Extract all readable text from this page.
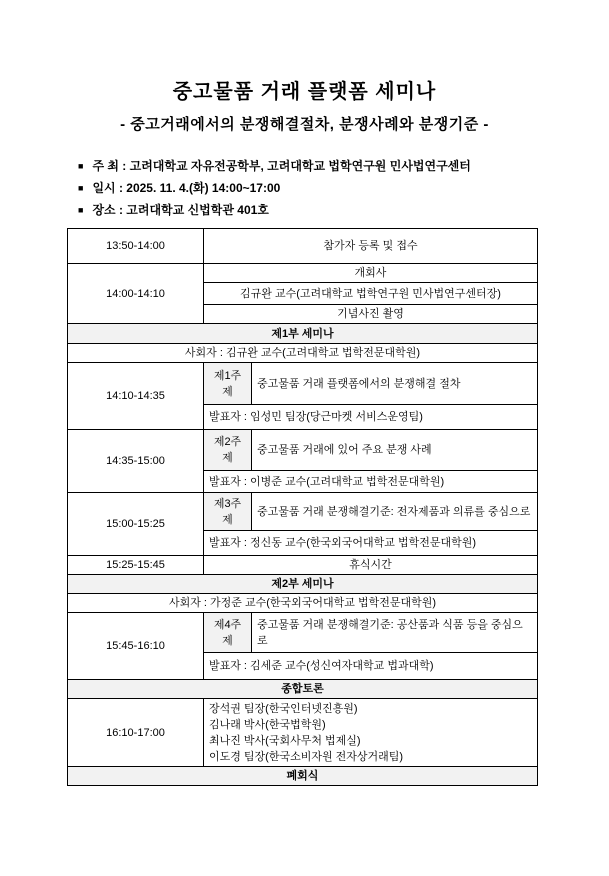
중고물품 거래 플랫폼 세미나
- 중고거래에서의 분쟁해결절차, 분쟁사례와 분쟁기준 -
■ 주 최 : 고려대학교 자유전공학부, 고려대학교 법학연구원 민사법연구센터
■ 일시 : 2025. 11. 4.(화) 14:00~17:00
■ 장소 : 고려대학교 신법학관 401호
13:50-14:00	참가자 등록 및 접수	
14:00-14:10	개회사	
	김규완 교수(고려대학교 법학연구원 민사법연구센터장)	
	기념사진 촬영	
제1부 세미나		
사회자 : 김규완 교수(고려대학교 법학전문대학원)		
14:10-14:35	제1주제	중고물품 거래 플랫폼에서의 분쟁해결 절차
	발표자 : 임성민 팀장(당근마켓 서비스운영팀)	
14:35-15:00	제2주제	중고물품 거래에 있어 주요 분쟁 사례
	발표자 : 이병준 교수(고려대학교 법학전문대학원)	
15:00-15:25	제3주제	중고물품 거래 분쟁해결기준: 전자제품과 의류를 중심으로
	발표자 : 정신동 교수(한국외국어대학교 법학전문대학원)	
15:25-15:45	휴식시간	
제2부 세미나		
사회자 : 가정준 교수(한국외국어대학교 법학전문대학원)		
15:45-16:10	제4주제	중고물품 거래 분쟁해결기준: 공산품과 식품 등을 중심으로
	발표자 : 김세준 교수(성신여자대학교 법과대학)	
종합토론		
16:10-17:00	장석권 팀장(한국인터넷진흥원)
김나래 박사(한국법학원)
최나진 박사(국회사무처 법제실)
이도경 팀장(한국소비자원 전자상거래팀)	

폐회식		
